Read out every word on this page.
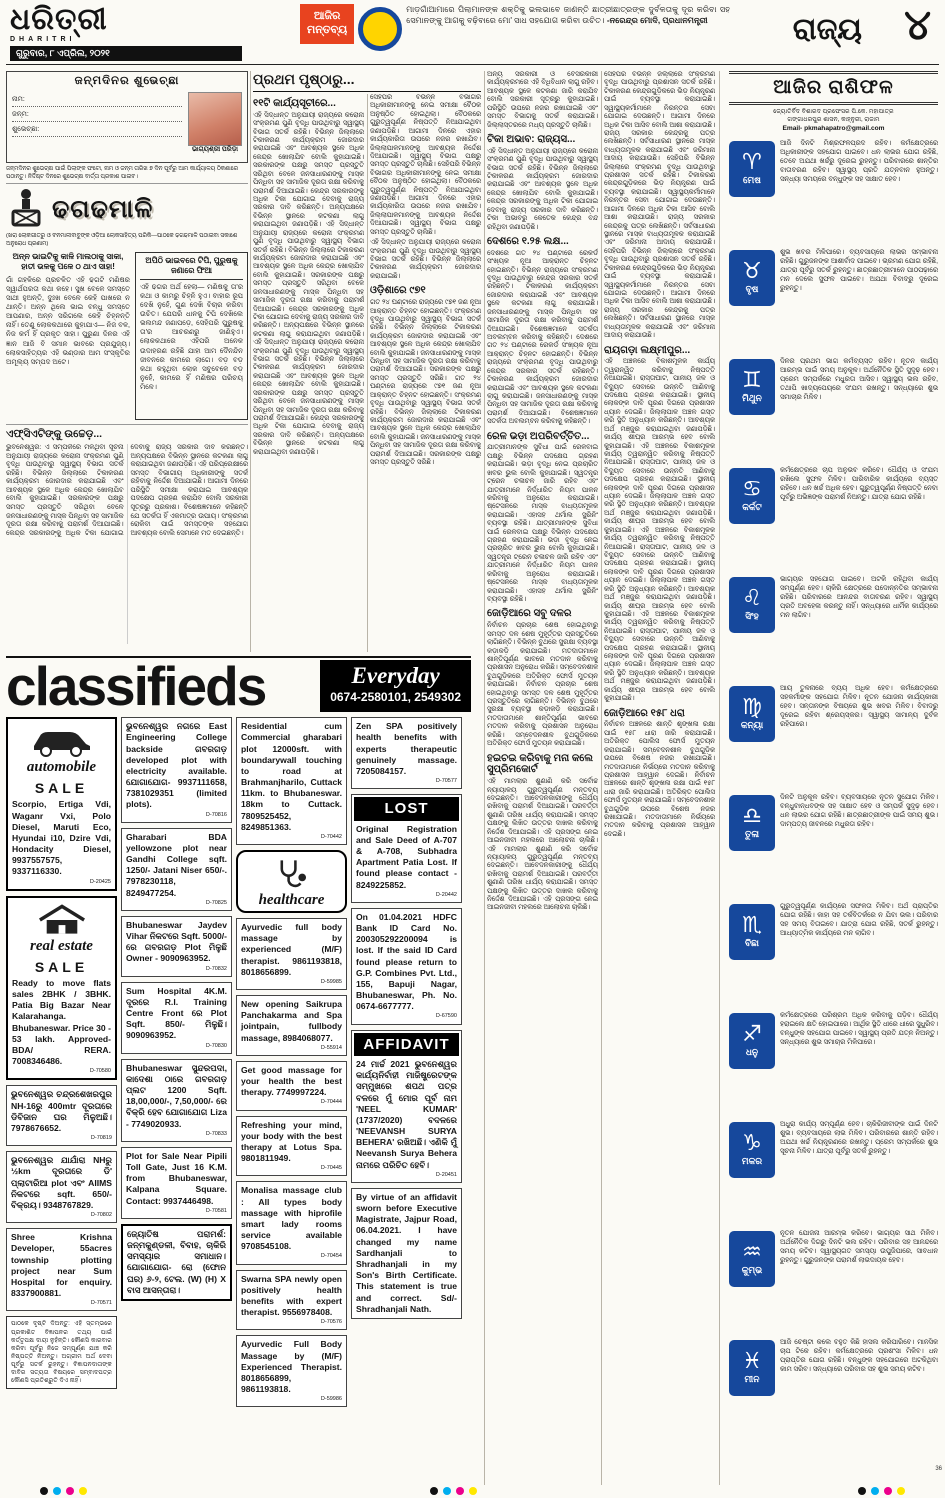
ଧରିତ୍ରୀ
DHARITRI
ଗୁରୁବାର, ୮ ଏପ୍ରିଲ, ୨୦୨୧
ଆଜିର
ମନ୍ତବ୍ୟ
ମାଡ଼ଗାଁଆମାରେ ପିଲାମାନଙ୍କ ଶକ୍ତିକୁ ଭଲଭାବେ ଜାଣନ୍ତି ଛାତ୍ରୀଛାତ୍ରଙ୍କ ଦୁର୍ବଳତାକୁ ଦୂର କରିବା ସହ ସେମାନଙ୍କୁ ଆଗକୁ ବଢ଼ିବାରେ ମୋ' ସାଧ ସହଯୋଗ କରିବା ଉଚିତ। -ନରେନ୍ଦ୍ର ମୋଦି, ପ୍ରଧାନମନ୍ତ୍ରୀ	ରାଜ୍ୟ ୪
ଜନ୍ମଦିନର ଶୁଭେଚ୍ଛା
ନାମ:
ଜନ୍ମ:
ଶୁଭେଚ୍ଛା:
ଭାଗ୍ୟଶ୍ରୀ ପରିଡ଼ା
ଜନ୍ମଦିନର ଶୁଭେଚ୍ଛା ପାଇଁ ପିଲାଙ୍କ ଫଟୋ, ନାମ ଓ ଜନ୍ମ ତାରିଖ ୭ ଦିନ ପୂର୍ବରୁ ଆମ କାର୍ଯ୍ୟାଳୟ ଠିକଣାରେ ପଠାନ୍ତୁ। ନିର୍ଦ୍ଦିଷ୍ଟ ଦିନରେ ଶୁଭେଚ୍ଛା ବାର୍ତ୍ତା ପ୍ରକାଶ ପାଇବ।
ଢଗଢମାଳି
(ଖରା ଲୋକଗୀତରୁ ଓ ବନମାଳୀବାବୁଙ୍କ ଓଡ଼ିଆ ଲୋକସାହିତ୍ୟ ପରିକି—ପାଠକେ ଢଗଢମାଳି ପଠାଇବା ସକାଶେ ଅନୁରୋଧ ପ୍ରଣାମ)
ଅନ୍ନ ଭାଇଟିକୁ କାଳି ମାଲଠାକୁ ସାକା, ହାତୀ ଭଳକୁ ପଳେ ଠ ଥାଏ ସାହା!
ଗାଁ ଗହଳିରେ ପ୍ରଚଳିତ ଏହି ଢଗଟି ମଣିଷର ସ୍ୱାର୍ଥପରତା କଥା କହେ। ସୁଖ ବେଳେ ସମସ୍ତେ ସାଥୀ ହୁଅନ୍ତି, ଦୁଃଖ ବେଳେ କେହି ପାଖରେ ନ ଥାନ୍ତି। ଅନ୍ନ ଥିଲେ ଭାଇ ବନ୍ଧୁ ସମସ୍ତେ ଆପଣାର, ଅନ୍ନ ସରିଗଲେ କେହି ଚିହ୍ନନ୍ତି ନାହିଁ। ତେଣୁ ଲୋକକଥାରେ କୁହାଯାଏ— ନିଜ ବଳ, ନିଜ କର୍ମ ହିଁ ପ୍ରକୃତ ସାହା। ପୁରୁଣା ଦିନର ଏହି ଜ୍ଞାନ ଆଜି ବି ସମାନ ଭାବରେ ପ୍ରଯୁଜ୍ୟ। ଲୋକସାହିତ୍ୟର ଏହି ଭଣ୍ଡାର ଆମ ସଂସ୍କୃତିର ଅମୂଲ୍ୟ ସମ୍ପଦ ଅଟେ।
ଅପିଠି ଭାଇବରେ ଟିପି, ପୁରୁଷକୁ ଜଣାରେ ଫିଆ
ଏହି ଢଗର ଅର୍ଥ ହେଲା— ମଣିଷକୁ ତା'ର କଥା ଓ କାମରୁ ଚିହ୍ନି ହୁଏ। ବାହାର ରୂପ ଦେଖି ନୁହେଁ, ଗୁଣ ଦେଖି ବିଚାର କରିବା ଉଚିତ। ଯେପରି ଧାନକୁ ଟିପି ଦେଖିଲେ ଭଲମନ୍ଦ ଜଣାପଡ଼େ, ସେହିପରି ପୁରୁଷକୁ ତା'ର ଆଚରଣରୁ ଜାଣିହୁଏ। ଲୋକକଥାରେ ଏହିପରି ଅନେକ ଉଦାହରଣ ରହିଛି ଯାହା ଆମ ଦୈନନ୍ଦିନ ଜୀବନରେ କାମରେ ଲାଗେ। ବଡ଼ ବଡ଼ କଥା କହୁଥିବା ଲୋକ ସବୁବେଳେ ବଡ଼ ନୁହେଁ, କାମରେ ହିଁ ମଣିଷର ପରିଚୟ ମିଳେ।
ଏଫ୍‌ସିଏଟିଙ୍କୁ ଉଚ୍ଚେଡ଼...
ଭୁବନେଶ୍ୱର: ଏ ସମ୍ପର୍କରେ ମିଳିଥିବା ସୂଚନା ଅନୁଯାୟୀ ରାଜ୍ୟରେ କରୋନା ସଂକ୍ରମଣ ପୁଣି ବୃଦ୍ଧି ପାଉଥିବାରୁ ସ୍ୱାସ୍ଥ୍ୟ ବିଭାଗ ସତର୍କ ରହିଛି। ବିଭିନ୍ନ ଜିଲ୍ଲାରେ ଟିକାକରଣ କାର୍ଯ୍ୟକ୍ରମ ଜୋରଦାର କରାଯାଇଛି ଏବଂ ଆବଶ୍ୟକ ସ୍ଥଳେ ଅଧିକ କେନ୍ଦ୍ର ଖୋଲାଯିବ ବୋଲି କୁହାଯାଇଛି। ସରକାରଙ୍କ ପକ୍ଷରୁ ସମସ୍ତ ପ୍ରସ୍ତୁତି ସରିଥିବା ବେଳେ ଜନସାଧାରଣଙ୍କୁ ମାସ୍କ ପିନ୍ଧିବା ସହ ସାମାଜିକ ଦୂରତା ରକ୍ଷା କରିବାକୁ ପରାମର୍ଶ ଦିଆଯାଇଛି। କେନ୍ଦ୍ର ସରକାରଙ୍କୁ ଅଧିକ ଟିକା ଯୋଗାଇ ଦେବାକୁ ରାଜ୍ୟ ସରକାର ଦାବି କରିଛନ୍ତି। ଅନ୍ୟପକ୍ଷରେ ବିଭିନ୍ନ ସ୍ଥାନରେ କଟକଣା ଲାଗୁ କରାଯାଇଥିବା ଜଣାପଡ଼ିଛି। ଏହି ପରିପ୍ରେକ୍ଷୀରେ ସମସ୍ତ ବିଭାଗୀୟ ଅଧିକାରୀଙ୍କୁ ସତର୍କ ରହିବାକୁ ନିର୍ଦ୍ଦେଶ ଦିଆଯାଇଛି। ଆଗାମୀ ଦିନରେ ପରିସ୍ଥିତି ସମୀକ୍ଷା କରାଯାଇ ଆବଶ୍ୟକ ପଦକ୍ଷେପ ଗ୍ରହଣ କରାଯିବ ବୋଲି ସରକାରୀ ସୂତ୍ରରୁ ପ୍ରକାଶ। ବିଶେଷଜ୍ଞମାନେ କହିଛନ୍ତି ଯେ ସତର୍କତା ହିଁ ଏକମାତ୍ର ଉପାୟ। ସଂକ୍ରମଣ ରୋକିବା ପାଇଁ ସମସ୍ତଙ୍କ ସହଯୋଗ ଆବଶ୍ୟକ ବୋଲି ସେମାନେ ମତ ଦେଇଛନ୍ତି।
ପ୍ରଥମ ପୃଷ୍ଠାରୁ...
୧୧ଟି କାର୍ଯ୍ୟସୂଚୀରେ...
ଏହି ସିଦ୍ଧାନ୍ତ ଅନୁଯାୟୀ ରାଜ୍ୟରେ କରୋନା ସଂକ୍ରମଣ ପୁଣି ବୃଦ୍ଧି ପାଉଥିବାରୁ ସ୍ୱାସ୍ଥ୍ୟ ବିଭାଗ ସତର୍କ ରହିଛି। ବିଭିନ୍ନ ଜିଲ୍ଲାରେ ଟିକାକରଣ କାର୍ଯ୍ୟକ୍ରମ ଜୋରଦାର କରାଯାଇଛି ଏବଂ ଆବଶ୍ୟକ ସ୍ଥଳେ ଅଧିକ କେନ୍ଦ୍ର ଖୋଲାଯିବ ବୋଲି କୁହାଯାଇଛି। ସରକାରଙ୍କ ପକ୍ଷରୁ ସମସ୍ତ ପ୍ରସ୍ତୁତି ସରିଥିବା ବେଳେ ଜନସାଧାରଣଙ୍କୁ ମାସ୍କ ପିନ୍ଧିବା ସହ ସାମାଜିକ ଦୂରତା ରକ୍ଷା କରିବାକୁ ପରାମର୍ଶ ଦିଆଯାଇଛି। କେନ୍ଦ୍ର ସରକାରଙ୍କୁ ଅଧିକ ଟିକା ଯୋଗାଇ ଦେବାକୁ ରାଜ୍ୟ ସରକାର ଦାବି କରିଛନ୍ତି। ଅନ୍ୟପକ୍ଷରେ ବିଭିନ୍ନ ସ୍ଥାନରେ କଟକଣା ଲାଗୁ କରାଯାଇଥିବା ଜଣାପଡ଼ିଛି। ଏହି ସିଦ୍ଧାନ୍ତ ଅନୁଯାୟୀ ରାଜ୍ୟରେ କରୋନା ସଂକ୍ରମଣ ପୁଣି ବୃଦ୍ଧି ପାଉଥିବାରୁ ସ୍ୱାସ୍ଥ୍ୟ ବିଭାଗ ସତର୍କ ରହିଛି। ବିଭିନ୍ନ ଜିଲ୍ଲାରେ ଟିକାକରଣ କାର୍ଯ୍ୟକ୍ରମ ଜୋରଦାର କରାଯାଇଛି ଏବଂ ଆବଶ୍ୟକ ସ୍ଥଳେ ଅଧିକ କେନ୍ଦ୍ର ଖୋଲାଯିବ ବୋଲି କୁହାଯାଇଛି। ସରକାରଙ୍କ ପକ୍ଷରୁ ସମସ୍ତ ପ୍ରସ୍ତୁତି ସରିଥିବା ବେଳେ ଜନସାଧାରଣଙ୍କୁ ମାସ୍କ ପିନ୍ଧିବା ସହ ସାମାଜିକ ଦୂରତା ରକ୍ଷା କରିବାକୁ ପରାମର୍ଶ ଦିଆଯାଇଛି। କେନ୍ଦ୍ର ସରକାରଙ୍କୁ ଅଧିକ ଟିକା ଯୋଗାଇ ଦେବାକୁ ରାଜ୍ୟ ସରକାର ଦାବି କରିଛନ୍ତି। ଅନ୍ୟପକ୍ଷରେ ବିଭିନ୍ନ ସ୍ଥାନରେ କଟକଣା ଲାଗୁ କରାଯାଇଥିବା ଜଣାପଡ଼ିଛି। ଏହି ସିଦ୍ଧାନ୍ତ ଅନୁଯାୟୀ ରାଜ୍ୟରେ କରୋନା ସଂକ୍ରମଣ ପୁଣି ବୃଦ୍ଧି ପାଉଥିବାରୁ ସ୍ୱାସ୍ଥ୍ୟ ବିଭାଗ ସତର୍କ ରହିଛି। ବିଭିନ୍ନ ଜିଲ୍ଲାରେ ଟିକାକରଣ କାର୍ଯ୍ୟକ୍ରମ ଜୋରଦାର କରାଯାଇଛି ଏବଂ ଆବଶ୍ୟକ ସ୍ଥଳେ ଅଧିକ କେନ୍ଦ୍ର ଖୋଲାଯିବ ବୋଲି କୁହାଯାଇଛି। ସରକାରଙ୍କ ପକ୍ଷରୁ ସମସ୍ତ ପ୍ରସ୍ତୁତି ସରିଥିବା ବେଳେ ଜନସାଧାରଣଙ୍କୁ ମାସ୍କ ପିନ୍ଧିବା ସହ ସାମାଜିକ ଦୂରତା ରକ୍ଷା କରିବାକୁ ପରାମର୍ଶ ଦିଆଯାଇଛି। କେନ୍ଦ୍ର ସରକାରଙ୍କୁ ଅଧିକ ଟିକା ଯୋଗାଇ ଦେବାକୁ ରାଜ୍ୟ ସରକାର ଦାବି କରିଛନ୍ତି। ଅନ୍ୟପକ୍ଷରେ ବିଭିନ୍ନ ସ୍ଥାନରେ କଟକଣା ଲାଗୁ କରାଯାଇଥିବା ଜଣାପଡ଼ିଛି।
ସେହିପରି ବିଭିନ୍ନ ବିଭାଗର ଅଧିକାରୀମାନଙ୍କୁ ନେଇ ସମୀକ୍ଷା ବୈଠକ ଅନୁଷ୍ଠିତ ହୋଇଥିଲା। ବୈଠକରେ ଗୁରୁତ୍ୱପୂର୍ଣ୍ଣ ନିଷ୍ପତ୍ତି ନିଆଯାଇଥିବା ଜଣାପଡ଼ିଛି। ଆଗାମୀ ଦିନରେ ଏହାର କାର୍ଯ୍ୟକାରିତା ଉପରେ ନଜର ରଖାଯିବ। ଜିଲ୍ଲାପାଳମାନଙ୍କୁ ଆବଶ୍ୟକ ନିର୍ଦ୍ଦେଶ ଦିଆଯାଇଛି। ସ୍ୱାସ୍ଥ୍ୟ ବିଭାଗ ପକ୍ଷରୁ ସମସ୍ତ ପ୍ରସ୍ତୁତି ଚାଲିଛି। ସେହିପରି ବିଭିନ୍ନ ବିଭାଗର ଅଧିକାରୀମାନଙ୍କୁ ନେଇ ସମୀକ୍ଷା ବୈଠକ ଅନୁଷ୍ଠିତ ହୋଇଥିଲା। ବୈଠକରେ ଗୁରୁତ୍ୱପୂର୍ଣ୍ଣ ନିଷ୍ପତ୍ତି ନିଆଯାଇଥିବା ଜଣାପଡ଼ିଛି। ଆଗାମୀ ଦିନରେ ଏହାର କାର୍ଯ୍ୟକାରିତା ଉପରେ ନଜର ରଖାଯିବ। ଜିଲ୍ଲାପାଳମାନଙ୍କୁ ଆବଶ୍ୟକ ନିର୍ଦ୍ଦେଶ ଦିଆଯାଇଛି। ସ୍ୱାସ୍ଥ୍ୟ ବିଭାଗ ପକ୍ଷରୁ ସମସ୍ତ ପ୍ରସ୍ତୁତି ଚାଲିଛି।
ଏହି ସିଦ୍ଧାନ୍ତ ଅନୁଯାୟୀ ରାଜ୍ୟରେ କରୋନା ସଂକ୍ରମଣ ପୁଣି ବୃଦ୍ଧି ପାଉଥିବାରୁ ସ୍ୱାସ୍ଥ୍ୟ ବିଭାଗ ସତର୍କ ରହିଛି। ବିଭିନ୍ନ ଜିଲ୍ଲାରେ ଟିକାକରଣ କାର୍ଯ୍ୟକ୍ରମ ଜୋରଦାର କରାଯାଇଛି।
ଓଡ଼ିଶାରେ ୯୭୧
ଗତ ୨୪ ଘଣ୍ଟାରେ ରାଜ୍ୟରେ ୯୭୧ ଜଣ ନୂଆ ଆକ୍ରାନ୍ତ ଚିହ୍ନଟ ହୋଇଛନ୍ତି। ସଂକ୍ରମଣ ବୃଦ୍ଧି ପାଉଥିବାରୁ ସ୍ୱାସ୍ଥ୍ୟ ବିଭାଗ ସତର୍କ ରହିଛି। ବିଭିନ୍ନ ଜିଲ୍ଲାରେ ଟିକାକରଣ କାର୍ଯ୍ୟକ୍ରମ ଜୋରଦାର କରାଯାଇଛି ଏବଂ ଆବଶ୍ୟକ ସ୍ଥଳେ ଅଧିକ କେନ୍ଦ୍ର ଖୋଲାଯିବ ବୋଲି କୁହାଯାଇଛି। ଜନସାଧାରଣଙ୍କୁ ମାସ୍କ ପିନ୍ଧିବା ସହ ସାମାଜିକ ଦୂରତା ରକ୍ଷା କରିବାକୁ ପରାମର୍ଶ ଦିଆଯାଇଛି। ସରକାରଙ୍କ ପକ୍ଷରୁ ସମସ୍ତ ପ୍ରସ୍ତୁତି ସରିଛି। ଗତ ୨୪ ଘଣ୍ଟାରେ ରାଜ୍ୟରେ ୯୭୧ ଜଣ ନୂଆ ଆକ୍ରାନ୍ତ ଚିହ୍ନଟ ହୋଇଛନ୍ତି। ସଂକ୍ରମଣ ବୃଦ୍ଧି ପାଉଥିବାରୁ ସ୍ୱାସ୍ଥ୍ୟ ବିଭାଗ ସତର୍କ ରହିଛି। ବିଭିନ୍ନ ଜିଲ୍ଲାରେ ଟିକାକରଣ କାର୍ଯ୍ୟକ୍ରମ ଜୋରଦାର କରାଯାଇଛି ଏବଂ ଆବଶ୍ୟକ ସ୍ଥଳେ ଅଧିକ କେନ୍ଦ୍ର ଖୋଲାଯିବ ବୋଲି କୁହାଯାଇଛି। ଜନସାଧାରଣଙ୍କୁ ମାସ୍କ ପିନ୍ଧିବା ସହ ସାମାଜିକ ଦୂରତା ରକ୍ଷା କରିବାକୁ ପରାମର୍ଶ ଦିଆଯାଇଛି। ସରକାରଙ୍କ ପକ୍ଷରୁ ସମସ୍ତ ପ୍ରସ୍ତୁତି ସରିଛି।
ଅନ୍ୟ ସରକାରୀ ଓ ବେସରକାରୀ କାର୍ଯ୍ୟକ୍ରମରେ ଏହି ବିଧିବିଧାନ ଲାଗୁ ରହିବ। ଆବଶ୍ୟକ ସ୍ଥଳେ କଟକଣା ଜାରି କରାଯିବ ବୋଲି ସରକାରୀ ସୂତ୍ରରୁ କୁହାଯାଇଛି। ପରିସ୍ଥିତି ଉପରେ ନଜର ରଖାଯାଇଛି ଏବଂ ସମସ୍ତ ବିଭାଗକୁ ସତର୍କ କରାଯାଇଛି। ଜିଲ୍ଲାସ୍ତରରେ ମଧ୍ୟ ପ୍ରସ୍ତୁତି ଚାଲିଛି।
ଟିକା ଅଭାବ: ରାଜ୍ୟସ...
ଏହି ସିଦ୍ଧାନ୍ତ ଅନୁଯାୟୀ ରାଜ୍ୟରେ କରୋନା ସଂକ୍ରମଣ ପୁଣି ବୃଦ୍ଧି ପାଉଥିବାରୁ ସ୍ୱାସ୍ଥ୍ୟ ବିଭାଗ ସତର୍କ ରହିଛି। ବିଭିନ୍ନ ଜିଲ୍ଲାରେ ଟିକାକରଣ କାର୍ଯ୍ୟକ୍ରମ ଜୋରଦାର କରାଯାଇଛି ଏବଂ ଆବଶ୍ୟକ ସ୍ଥଳେ ଅଧିକ କେନ୍ଦ୍ର ଖୋଲାଯିବ ବୋଲି କୁହାଯାଇଛି। କେନ୍ଦ୍ର ସରକାରଙ୍କୁ ଅଧିକ ଟିକା ଯୋଗାଇ ଦେବାକୁ ରାଜ୍ୟ ସରକାର ଦାବି କରିଛନ୍ତି। ଟିକା ଅଭାବରୁ କେତେକ କେନ୍ଦ୍ର ବନ୍ଦ ରହିଥିବା ଜଣାପଡ଼ିଛି।
ଦେଶରେ ୧.୨୫ ଲକ୍ଷ...
ଦେଶରେ ଗତ ୨୪ ଘଣ୍ଟାରେ ରେକର୍ଡ ସଂଖ୍ୟକ ନୂଆ ଆକ୍ରାନ୍ତ ଚିହ୍ନଟ ହୋଇଛନ୍ତି। ବିଭିନ୍ନ ରାଜ୍ୟରେ ସଂକ୍ରମଣ ବୃଦ୍ଧି ପାଉଥିବାରୁ କେନ୍ଦ୍ର ସରକାର ସତର୍କ ରହିଛନ୍ତି। ଟିକାକରଣ କାର୍ଯ୍ୟକ୍ରମ ଜୋରଦାର କରାଯାଇଛି ଏବଂ ଆବଶ୍ୟକ ସ୍ଥଳେ କଟକଣା ଲାଗୁ କରାଯାଇଛି। ଜନସାଧାରଣଙ୍କୁ ମାସ୍କ ପିନ୍ଧିବା ସହ ସାମାଜିକ ଦୂରତା ରକ୍ଷା କରିବାକୁ ପରାମର୍ଶ ଦିଆଯାଇଛି। ବିଶେଷଜ୍ଞମାନେ ସତର୍କତା ଅବଲମ୍ବନ କରିବାକୁ କହିଛନ୍ତି। ଦେଶରେ ଗତ ୨୪ ଘଣ୍ଟାରେ ରେକର୍ଡ ସଂଖ୍ୟକ ନୂଆ ଆକ୍ରାନ୍ତ ଚିହ୍ନଟ ହୋଇଛନ୍ତି। ବିଭିନ୍ନ ରାଜ୍ୟରେ ସଂକ୍ରମଣ ବୃଦ୍ଧି ପାଉଥିବାରୁ କେନ୍ଦ୍ର ସରକାର ସତର୍କ ରହିଛନ୍ତି। ଟିକାକରଣ କାର୍ଯ୍ୟକ୍ରମ ଜୋରଦାର କରାଯାଇଛି ଏବଂ ଆବଶ୍ୟକ ସ୍ଥଳେ କଟକଣା ଲାଗୁ କରାଯାଇଛି। ଜନସାଧାରଣଙ୍କୁ ମାସ୍କ ପିନ୍ଧିବା ସହ ସାମାଜିକ ଦୂରତା ରକ୍ଷା କରିବାକୁ ପରାମର୍ଶ ଦିଆଯାଇଛି। ବିଶେଷଜ୍ଞମାନେ ସତର୍କତା ଅବଲମ୍ବନ କରିବାକୁ କହିଛନ୍ତି।
ରେଳ ଭଡ଼ା ଅପରିବର୍ତ୍ତିତ...
ଯାତ୍ରୀମାନଙ୍କ ସୁବିଧା ପାଇଁ ରେଳବାଇ ପକ୍ଷରୁ ବିଭିନ୍ନ ପଦକ୍ଷେପ ଗ୍ରହଣ କରାଯାଇଛି। ଭଡ଼ା ବୃଦ୍ଧି ନେଇ ପ୍ରଚାରିତ ଖବର ଭୁଲ ବୋଲି କୁହାଯାଇଛି। ସ୍ୱତନ୍ତ୍ର ଟ୍ରେନ ଚଳାଚଳ ଜାରି ରହିବ ଏବଂ ଯାତ୍ରୀମାନେ ନିର୍ଦ୍ଧାରିତ ନିୟମ ପାଳନ କରିବାକୁ ଅନୁରୋଧ କରାଯାଇଛି। ଷ୍ଟେସନରେ ମାସ୍କ ବାଧ୍ୟତାମୂଳକ କରାଯାଇଛି। ଏହାସହ ଥର୍ମାଲ ସ୍କ୍ରିନିଂ ବ୍ୟବସ୍ଥା ରହିଛି। ଯାତ୍ରୀମାନଙ୍କ ସୁବିଧା ପାଇଁ ରେଳବାଇ ପକ୍ଷରୁ ବିଭିନ୍ନ ପଦକ୍ଷେପ ଗ୍ରହଣ କରାଯାଇଛି। ଭଡ଼ା ବୃଦ୍ଧି ନେଇ ପ୍ରଚାରିତ ଖବର ଭୁଲ ବୋଲି କୁହାଯାଇଛି। ସ୍ୱତନ୍ତ୍ର ଟ୍ରେନ ଚଳାଚଳ ଜାରି ରହିବ ଏବଂ ଯାତ୍ରୀମାନେ ନିର୍ଦ୍ଧାରିତ ନିୟମ ପାଳନ କରିବାକୁ ଅନୁରୋଧ କରାଯାଇଛି। ଷ୍ଟେସନରେ ମାସ୍କ ବାଧ୍ୟତାମୂଳକ କରାଯାଇଛି। ଏହାସହ ଥର୍ମାଲ ସ୍କ୍ରିନିଂ ବ୍ୟବସ୍ଥା ରହିଛି।
ଜୋଡ଼ିଆରେ ସବୁ ଦଳର
ନିର୍ବାଚନ ପ୍ରଚାର ଶେଷ ହୋଇଥିବାରୁ ସମସ୍ତ ଦଳ ଶେଷ ମୁହୂର୍ତ୍ତର ପ୍ରସ୍ତୁତିରେ ଲାଗିଛନ୍ତି। ବିଭିନ୍ନ ବୁଥରେ ସୁରକ୍ଷା ବ୍ୟବସ୍ଥା କଡ଼ାକଡ଼ି କରାଯାଇଛି। ମତଦାତାମାନେ ଶାନ୍ତିପୂର୍ଣ୍ଣ ଭାବରେ ମତଦାନ କରିବାକୁ ପ୍ରଶାସନ ଅନୁରୋଧ କରିଛି। ସମ୍ବେଦନଶୀଳ ବୁଥଗୁଡ଼ିକରେ ଅତିରିକ୍ତ ଫୋର୍ସ ମୁତୟନ କରାଯାଇଛି। ନିର୍ବାଚନ ପ୍ରଚାର ଶେଷ ହୋଇଥିବାରୁ ସମସ୍ତ ଦଳ ଶେଷ ମୁହୂର୍ତ୍ତର ପ୍ରସ୍ତୁତିରେ ଲାଗିଛନ୍ତି। ବିଭିନ୍ନ ବୁଥରେ ସୁରକ୍ଷା ବ୍ୟବସ୍ଥା କଡ଼ାକଡ଼ି କରାଯାଇଛି। ମତଦାତାମାନେ ଶାନ୍ତିପୂର୍ଣ୍ଣ ଭାବରେ ମତଦାନ କରିବାକୁ ପ୍ରଶାସନ ଅନୁରୋଧ କରିଛି। ସମ୍ବେଦନଶୀଳ ବୁଥଗୁଡ଼ିକରେ ଅତିରିକ୍ତ ଫୋର୍ସ ମୁତୟନ କରାଯାଇଛି।
ହଇଚଇ କରିବାକୁ ମନା କଲେ ସୁପ୍ରିମକୋର୍ଟ
ଏହି ମାମଲାର ଶୁଣାଣି କରି ସର୍ବୋଚ୍ଚ ନ୍ୟାୟାଳୟ ଗୁରୁତ୍ୱପୂର୍ଣ୍ଣ ମନ୍ତବ୍ୟ ଦେଇଛନ୍ତି। ଆବେଦନକାରୀଙ୍କୁ ଧୈର୍ଯ୍ୟ ରଖିବାକୁ ପରାମର୍ଶ ଦିଆଯାଇଛି। ପରବର୍ତ୍ତୀ ଶୁଣାଣି ତାରିଖ ଧାର୍ଯ୍ୟ କରାଯାଇଛି। ସମସ୍ତ ପକ୍ଷଙ୍କୁ ଲିଖିତ ଉତ୍ତର ଦାଖଲ କରିବାକୁ ନିର୍ଦ୍ଦେଶ ଦିଆଯାଇଛି। ଏହି ପ୍ରସଙ୍ଗ ନେଇ ଆଇନଜୀବୀ ମହଲରେ ଆଲୋଚନା ଚାଲିଛି। ଏହି ମାମଲାର ଶୁଣାଣି କରି ସର୍ବୋଚ୍ଚ ନ୍ୟାୟାଳୟ ଗୁରୁତ୍ୱପୂର୍ଣ୍ଣ ମନ୍ତବ୍ୟ ଦେଇଛନ୍ତି। ଆବେଦନକାରୀଙ୍କୁ ଧୈର୍ଯ୍ୟ ରଖିବାକୁ ପରାମର୍ଶ ଦିଆଯାଇଛି। ପରବର୍ତ୍ତୀ ଶୁଣାଣି ତାରିଖ ଧାର୍ଯ୍ୟ କରାଯାଇଛି। ସମସ୍ତ ପକ୍ଷଙ୍କୁ ଲିଖିତ ଉତ୍ତର ଦାଖଲ କରିବାକୁ ନିର୍ଦ୍ଦେଶ ଦିଆଯାଇଛି। ଏହି ପ୍ରସଙ୍ଗ ନେଇ ଆଇନଜୀବୀ ମହଲରେ ଆଲୋଚନା ଚାଲିଛି।
ସେହିପରି ବିଭିନ୍ନ ଜିଲ୍ଲାରେ ସଂକ୍ରମଣ ବୃଦ୍ଧି ପାଉଥିବାରୁ ପ୍ରଶାସନ ସତର୍କ ରହିଛି। ଟିକାକରଣ କେନ୍ଦ୍ରଗୁଡ଼ିକରେ ଭିଡ଼ ନିୟନ୍ତ୍ରଣ ପାଇଁ ବ୍ୟବସ୍ଥା କରାଯାଇଛି। ସ୍ୱାସ୍ଥ୍ୟକର୍ମୀମାନେ ନିରନ୍ତର ସେବା ଯୋଗାଇ ଦେଉଛନ୍ତି। ଆଗାମୀ ଦିନରେ ଅଧିକ ଟିକା ଆସିବ ବୋଲି ଆଶା କରାଯାଉଛି। ରାଜ୍ୟ ସରକାର କେନ୍ଦ୍ରକୁ ପତ୍ର ଲେଖିଛନ୍ତି। ସର୍ବସାଧାରଣ ସ୍ଥାନରେ ମାସ୍କ ବାଧ୍ୟତାମୂଳକ କରାଯାଇଛି ଏବଂ ଜରିମାନା ଆଦାୟ କରାଯାଉଛି। ସେହିପରି ବିଭିନ୍ନ ଜିଲ୍ଲାରେ ସଂକ୍ରମଣ ବୃଦ୍ଧି ପାଉଥିବାରୁ ପ୍ରଶାସନ ସତର୍କ ରହିଛି। ଟିକାକରଣ କେନ୍ଦ୍ରଗୁଡ଼ିକରେ ଭିଡ଼ ନିୟନ୍ତ୍ରଣ ପାଇଁ ବ୍ୟବସ୍ଥା କରାଯାଇଛି। ସ୍ୱାସ୍ଥ୍ୟକର୍ମୀମାନେ ନିରନ୍ତର ସେବା ଯୋଗାଇ ଦେଉଛନ୍ତି। ଆଗାମୀ ଦିନରେ ଅଧିକ ଟିକା ଆସିବ ବୋଲି ଆଶା କରାଯାଉଛି। ରାଜ୍ୟ ସରକାର କେନ୍ଦ୍ରକୁ ପତ୍ର ଲେଖିଛନ୍ତି। ସର୍ବସାଧାରଣ ସ୍ଥାନରେ ମାସ୍କ ବାଧ୍ୟତାମୂଳକ କରାଯାଇଛି ଏବଂ ଜରିମାନା ଆଦାୟ କରାଯାଉଛି। ସେହିପରି ବିଭିନ୍ନ ଜିଲ୍ଲାରେ ସଂକ୍ରମଣ ବୃଦ୍ଧି ପାଉଥିବାରୁ ପ୍ରଶାସନ ସତର୍କ ରହିଛି। ଟିକାକରଣ କେନ୍ଦ୍ରଗୁଡ଼ିକରେ ଭିଡ଼ ନିୟନ୍ତ୍ରଣ ପାଇଁ ବ୍ୟବସ୍ଥା କରାଯାଇଛି। ସ୍ୱାସ୍ଥ୍ୟକର୍ମୀମାନେ ନିରନ୍ତର ସେବା ଯୋଗାଇ ଦେଉଛନ୍ତି। ଆଗାମୀ ଦିନରେ ଅଧିକ ଟିକା ଆସିବ ବୋଲି ଆଶା କରାଯାଉଛି। ରାଜ୍ୟ ସରକାର କେନ୍ଦ୍ରକୁ ପତ୍ର ଲେଖିଛନ୍ତି। ସର୍ବସାଧାରଣ ସ୍ଥାନରେ ମାସ୍କ ବାଧ୍ୟତାମୂଳକ କରାଯାଇଛି ଏବଂ ଜରିମାନା ଆଦାୟ କରାଯାଉଛି।
ରାୟଗଡ଼ା ଲକ୍ଷ୍ମୀପୁର...
ଏହି ଅଞ୍ଚଳରେ ବିକାଶମୂଳକ କାର୍ଯ୍ୟ ତ୍ୱରାନ୍ୱିତ କରିବାକୁ ନିଷ୍ପତ୍ତି ନିଆଯାଇଛି। ରାସ୍ତାଘାଟ, ପାନୀୟ ଜଳ ଓ ବିଦ୍ୟୁତ ସେବାରେ ଉନ୍ନତି ଆଣିବାକୁ ପଦକ୍ଷେପ ଗ୍ରହଣ କରାଯାଇଛି। ସ୍ଥାନୀୟ ଲୋକଙ୍କ ଦାବି ପୂରଣ ଦିଗରେ ପ୍ରଶାସନ ଧ୍ୟାନ ଦେଇଛି। ଜିଲ୍ଲାପାଳ ଅଞ୍ଚଳ ଗସ୍ତ କରି ସ୍ଥିତି ଅନୁଧ୍ୟାନ କରିଛନ୍ତି। ଆବଶ୍ୟକ ଅର୍ଥ ମଞ୍ଜୁର କରାଯାଇଥିବା ଜଣାପଡ଼ିଛି। କାର୍ଯ୍ୟ ଶୀଘ୍ର ଆରମ୍ଭ ହେବ ବୋଲି କୁହାଯାଇଛି। ଏହି ଅଞ୍ଚଳରେ ବିକାଶମୂଳକ କାର୍ଯ୍ୟ ତ୍ୱରାନ୍ୱିତ କରିବାକୁ ନିଷ୍ପତ୍ତି ନିଆଯାଇଛି। ରାସ୍ତାଘାଟ, ପାନୀୟ ଜଳ ଓ ବିଦ୍ୟୁତ ସେବାରେ ଉନ୍ନତି ଆଣିବାକୁ ପଦକ୍ଷେପ ଗ୍ରହଣ କରାଯାଇଛି। ସ୍ଥାନୀୟ ଲୋକଙ୍କ ଦାବି ପୂରଣ ଦିଗରେ ପ୍ରଶାସନ ଧ୍ୟାନ ଦେଇଛି। ଜିଲ୍ଲାପାଳ ଅଞ୍ଚଳ ଗସ୍ତ କରି ସ୍ଥିତି ଅନୁଧ୍ୟାନ କରିଛନ୍ତି। ଆବଶ୍ୟକ ଅର୍ଥ ମଞ୍ଜୁର କରାଯାଇଥିବା ଜଣାପଡ଼ିଛି। କାର୍ଯ୍ୟ ଶୀଘ୍ର ଆରମ୍ଭ ହେବ ବୋଲି କୁହାଯାଇଛି। ଏହି ଅଞ୍ଚଳରେ ବିକାଶମୂଳକ କାର୍ଯ୍ୟ ତ୍ୱରାନ୍ୱିତ କରିବାକୁ ନିଷ୍ପତ୍ତି ନିଆଯାଇଛି। ରାସ୍ତାଘାଟ, ପାନୀୟ ଜଳ ଓ ବିଦ୍ୟୁତ ସେବାରେ ଉନ୍ନତି ଆଣିବାକୁ ପଦକ୍ଷେପ ଗ୍ରହଣ କରାଯାଇଛି। ସ୍ଥାନୀୟ ଲୋକଙ୍କ ଦାବି ପୂରଣ ଦିଗରେ ପ୍ରଶାସନ ଧ୍ୟାନ ଦେଇଛି। ଜିଲ୍ଲାପାଳ ଅଞ୍ଚଳ ଗସ୍ତ କରି ସ୍ଥିତି ଅନୁଧ୍ୟାନ କରିଛନ୍ତି। ଆବଶ୍ୟକ ଅର୍ଥ ମଞ୍ଜୁର କରାଯାଇଥିବା ଜଣାପଡ଼ିଛି। କାର୍ଯ୍ୟ ଶୀଘ୍ର ଆରମ୍ଭ ହେବ ବୋଲି କୁହାଯାଇଛି। ଏହି ଅଞ୍ଚଳରେ ବିକାଶମୂଳକ କାର୍ଯ୍ୟ ତ୍ୱରାନ୍ୱିତ କରିବାକୁ ନିଷ୍ପତ୍ତି ନିଆଯାଇଛି। ରାସ୍ତାଘାଟ, ପାନୀୟ ଜଳ ଓ ବିଦ୍ୟୁତ ସେବାରେ ଉନ୍ନତି ଆଣିବାକୁ ପଦକ୍ଷେପ ଗ୍ରହଣ କରାଯାଇଛି। ସ୍ଥାନୀୟ ଲୋକଙ୍କ ଦାବି ପୂରଣ ଦିଗରେ ପ୍ରଶାସନ ଧ୍ୟାନ ଦେଇଛି। ଜିଲ୍ଲାପାଳ ଅଞ୍ଚଳ ଗସ୍ତ କରି ସ୍ଥିତି ଅନୁଧ୍ୟାନ କରିଛନ୍ତି। ଆବଶ୍ୟକ ଅର୍ଥ ମଞ୍ଜୁର କରାଯାଇଥିବା ଜଣାପଡ଼ିଛି। କାର୍ଯ୍ୟ ଶୀଘ୍ର ଆରମ୍ଭ ହେବ ବୋଲି କୁହାଯାଇଛି।
ଜୋଡ଼ିଆରେ ୧୫୮ ଧରା
ନିର୍ବାଚନ ଅଞ୍ଚଳରେ ଶାନ୍ତି ଶୃଙ୍ଖଳା ରକ୍ଷା ପାଇଁ ୧୫୮ ଧାରା ଜାରି କରାଯାଇଛି। ଅତିରିକ୍ତ ପୋଲିସ ଫୋର୍ସ ମୁତୟନ କରାଯାଇଛି। ସମ୍ବେଦନଶୀଳ ବୁଥଗୁଡ଼ିକ ଉପରେ ବିଶେଷ ନଜର ରଖାଯାଇଛି। ମତଦାତାମାନେ ନିର୍ଭୟରେ ମତଦାନ କରିବାକୁ ପ୍ରଶାସନ ଆହ୍ୱାନ ଦେଇଛି। ନିର୍ବାଚନ ଅଞ୍ଚଳରେ ଶାନ୍ତି ଶୃଙ୍ଖଳା ରକ୍ଷା ପାଇଁ ୧୫୮ ଧାରା ଜାରି କରାଯାଇଛି। ଅତିରିକ୍ତ ପୋଲିସ ଫୋର୍ସ ମୁତୟନ କରାଯାଇଛି। ସମ୍ବେଦନଶୀଳ ବୁଥଗୁଡ଼ିକ ଉପରେ ବିଶେଷ ନଜର ରଖାଯାଇଛି। ମତଦାତାମାନେ ନିର୍ଭୟରେ ମତଦାନ କରିବାକୁ ପ୍ରଶାସନ ଆହ୍ୱାନ ଦେଇଛି।
classifieds	Everyday
0674-2580101, 2549302
automobile
SALE
Scorpio, Ertiga Vdi, Waganr Vxi, Polo Diesel, Maruti Eco, Hyundai i10, Dzire Vdi, Hondacity Diesel, 9937557575, 9337116330.
D-20425
real estate
SALE
Ready to move flats sales 2BHK / 3BHK. Patia Big Bazar Near Kalarahanga. Bhubaneswar. Price 30 - 53 lakh. Approved- BDA/ RERA. 7008346486.
D-70580
ଭୁବନେଶ୍ୱର ଚନ୍ଦ୍ରଶେଖରପୁର NH-16ରୁ 400mtr ଦୂରତାରେ ଡିବିଜାନ ଘର ମିଳୁଅଛି। 7978676652.
D-70819
ଭୁବନେଶ୍ୱର ଯାଯାଁରା NHରୁ ½km ଦୂରତାରେ ଡି' ପ୍ଲାଟାରିଆ plot ଏବଂ AIIMS ନିକଟରେ sqft. 650/- ବିକ୍ରୟ। 9348767829.
D-70802
Shree Krishna Developer, 55acres township plotting project near Sum Hospital for enquiry. 8337900881.
D-70571
ପାଠକେ ଦୃଷ୍ଟି ଦିଅନ୍ତୁ: ଏହି ସ୍ତମ୍ଭରେ ପ୍ରକାଶିତ ବିଜ୍ଞାପନର ତଥ୍ୟ ପାଇଁ କର୍ତ୍ତୃପକ୍ଷ ଦାୟୀ ନୁହଁନ୍ତି। କୌଣସି କାରବାର କରିବା ପୂର୍ବରୁ ନିଜେ ସମ୍ପୂର୍ଣ୍ଣ ଯାଞ୍ଚ କରି ନିଷ୍ପତ୍ତି ନିଅନ୍ତୁ। ଅଗ୍ରୀମ ଅର୍ଥ ଦେବା ପୂର୍ବରୁ ସତର୍କ ରୁହନ୍ତୁ। ବିଜ୍ଞାପନଦାତାଙ୍କ ଦାବିର ସତ୍ୟତା ବିଷୟରେ ସମ୍ବାଦପତ୍ର କୌଣସି ପ୍ରତିଶ୍ରୁତି ଦିଏ ନାହିଁ।
ଭୁବନେଶ୍ୱର ନଗରେ East Engineering College backside ଗବରଗଡ଼ developed plot with electricity available. ଯୋଗାଯୋଗ- 9937111658, 7381029351 (limited plots).
D-70816
Gharabari BDA yellowzone plot near Gandhi College sqft. 1250/- Jatani Niser 650/-. 7978230118, 8249477254.
D-70825
Bhubaneswar Jaydev Vihar ନିକଟରେ Sqft. 5000/- ରେ ଗବରଗଡ଼ Plot ମିଳୁଛି Owner - 9090963952.
D-70832
Sum Hospital 4K.M. ଦୂରରେ R.I. Training Centre Front ରେ Plot Sqft. 850/- ମିଳୁଛି। 9090963952.
D-70830
Bhubaneswar ସୁନ୍ଦରପଦା, କାଦେଶା ଠାରେ ଗବରଗଡ଼ ପ୍ଲଟ 1200 Sqft. 18,00,000/-, 7,50,000/- ରେ ବିକ୍ରି ହେବ ଯୋଗାଯୋଗ Liza - 7749020933.
D-70833
Plot for Sale Near Pipili Toll Gate, Just 16 K.M. from Bhubaneswar, Kalpana Square. Contact: 9937446498.
D-70581
ଜ୍ୟୋତିଷ ପରାମର୍ଶ: ଜନ୍ମକୁଣ୍ଡଳୀ, ବିବାହ, ଚାକିରି ସମସ୍ୟାର ସମାଧାନ। ଯୋଗାଯୋଗ- ରୋ (ଫୋନ ଘର) ୬-୨, ଟେଲ. (W) (H) X ବାସ ଆସନ୍ତାରା।
Residential cum Commercial gharabari plot 12000sft. with boundarywall touching to road at Brahmanjharilo, Cuttack 11km. to Bhubaneswar. 18km to Cuttack. 7809525452, 8249851363.
D-70442
healthcare
Ayurvedic full body massage by experienced (M/F) therapist. 9861193818, 8018656899.
D-59985
New opening Saikrupa Panchakarma and Spa jointpain, fullbody massage, 8984068077.
D-55914
Get good massage for your health the best therapy. 7749997224.
D-70444
Refreshing your mind, your body with the best therapy at Lotus Spa. 9801811949.
D-70445
Monalisa massage club : All types body massage with hiprofile smart lady rooms service available 9708545108.
D-70454
Swarna SPA newly open positively health benefits with expert therapist. 9556978408.
D-70576
Ayurvedic Full Body Massage by (M/F) Experienced Therapist. 8018656899, 9861193818.
D-59986
Zen SPA positively health benefits with experts therapeutic genuinely massage. 7205084157.
D-70577
LOST
Original Registration and Sale Deed of A-707 & A-708, Subhadra Apartment Patia Lost. If found please contact - 8249225852.
D-20442
On 01.04.2021 HDFC Bank ID Card No. 200305292200094 is lost. If the said ID Card found please return to G.P. Combines Pvt. Ltd., 155, Bapuji Nagar, Bhubaneswar, Ph. No. 0674-6677777.
D-67590
AFFIDAVIT
24 ମାର୍ଚ୍ଚ 2021 ଭୁବନେଶ୍ୱର କାର୍ଯ୍ୟନିର୍ବାହୀ ମାଜିଷ୍ଟ୍ରେଟଙ୍କ ସମ୍ମୁଖରେ ଶପଥ ପତ୍ର ବଳରେ ମୁଁ ମୋର ପୂର୍ବ ନାମ 'NEEL KUMAR' (1737/2020) ବଦଳରେ 'NEEVANSH SURYA BEHERA' ରଖିଅଛି। ଏଣିକି ମୁଁ Neevansh Surya Behera ନାମରେ ପରିଚିତ ହେବି।
D-20451
By virtue of an affidavit sworn before Executive Magistrate, Jajpur Road, 06.04.2021. I have changed my name Sardhanjali to Shradhanjali in my Son's Birth Certificate. This statement is true and correct. Sd/- Shradhanjali Nath.
ଆଜିର ରାଶିଫଳ
ଜ୍ୟୋତିର୍ବିଦ ବିଶାରଦ ପ୍ରଫେସର ପି.କେ. ମହାପାତ୍ର
ଗଙ୍ଗାଧରପୁର ଶାସନ, କାହ୍ନୁରୀ, ରାଜାମ
Email- pkmahapatro@gmail.com
♈
ମେଷ
ଆଜି ଦିନଟି ମିଶ୍ରଫଳପ୍ରଦ ରହିବ। କର୍ମକ୍ଷେତ୍ରରେ ଅଧିକାରୀଙ୍କ ସହଯୋଗ ପାଇବେ। ଧନ ଲାଭର ଯୋଗ ରହିଛି, ତେବେ ଅଯଥା ଖର୍ଚ୍ଚରୁ ଦୂରେଇ ରୁହନ୍ତୁ। ପରିବାରରେ ଶାନ୍ତିର ବାତାବରଣ ରହିବ। ସ୍ୱାସ୍ଥ୍ୟ ପ୍ରତି ଯତ୍ନବାନ ହୁଅନ୍ତୁ। ସନ୍ଧ୍ୟା ସମୟରେ ବନ୍ଧୁଙ୍କ ସହ ସାକ୍ଷାତ ହେବ।
♉
ବୃଷ
ଶୁଭ ଖବର ମିଳିପାରେ। ବ୍ୟବସାୟରେ ଲାଭର ସମ୍ଭାବନା ରହିଛି। ଗୁରୁଜନଙ୍କ ଆଶୀର୍ବାଦ ପାଇବେ। ଭ୍ରମଣ ଯୋଗ ରହିଛି, ଯାତ୍ରା ପୂର୍ବରୁ ସତର୍କ ରୁହନ୍ତୁ। ଛାତ୍ରଛାତ୍ରୀମାନେ ପାଠପଢ଼ାରେ ମନ ଦେଲେ ସୁଫଳ ପାଇବେ। ଅଯଥା ବିବାଦରୁ ଦୂରେଇ ରୁହନ୍ତୁ।
♊
ମିଥୁନ
ଦିନର ପ୍ରଥମ ଭାଗ କର୍ମବ୍ୟସ୍ତ ରହିବ। ନୂତନ କାର୍ଯ୍ୟ ଆରମ୍ଭ ପାଇଁ ସମୟ ଅନୁକୂଳ। ଅର୍ଥନୈତିକ ସ୍ଥିତି ସୁଦୃଢ଼ ହେବ। ପ୍ରେମ ସମ୍ପର୍କରେ ମଧୁରତା ଆସିବ। ସ୍ୱାସ୍ଥ୍ୟ ଭଲ ରହିବ, ତଥାପି ଖାଦ୍ୟପେୟରେ ସଂଯମ ରଖନ୍ତୁ। ସନ୍ଧ୍ୟାରେ ଶୁଭ ସମାଚାର ମିଳିବ।
♋
କର୍କଟ
କର୍ମକ୍ଷେତ୍ରରେ ଚାପ ଅନୁଭବ କରିବେ। ଧୈର୍ଯ୍ୟ ଓ ସଂଯମ ରଖିଲେ ସୁଫଳ ମିଳିବ। ପାରିବାରିକ କାର୍ଯ୍ୟରେ ବ୍ୟସ୍ତ ରହିବେ। ଧନ ଖର୍ଚ୍ଚ ଅଧିକ ହେବ। ଗୁରୁତ୍ୱପୂର୍ଣ୍ଣ ନିଷ୍ପତ୍ତି ନେବା ପୂର୍ବରୁ ଅଭିଜ୍ଞଙ୍କ ପରାମର୍ଶ ନିଅନ୍ତୁ। ଯାତ୍ରା ଯୋଗ ରହିଛି।
♌
ସିଂହ
ଭାଗ୍ୟର ସହଯୋଗ ପାଇବେ। ଅଟକି ରହିଥିବା କାର୍ଯ୍ୟ ସମ୍ପୂର୍ଣ୍ଣ ହେବ। ଚାକିରି କ୍ଷେତ୍ରରେ ପଦୋନ୍ନତିର ସମ୍ଭାବନା ରହିଛି। ପରିବାରରେ ଆନନ୍ଦର ବାତାବରଣ ରହିବ। ସ୍ୱାସ୍ଥ୍ୟ ପ୍ରତି ଅବହେଳା କରନ୍ତୁ ନାହିଁ। ସନ୍ଧ୍ୟାରେ ଧାର୍ମିକ କାର୍ଯ୍ୟରେ ମନ ଲାଗିବ।
♍
କନ୍ୟା
ଆୟ ତୁଳନାରେ ବ୍ୟୟ ଅଧିକ ହେବ। କର୍ମକ୍ଷେତ୍ରରେ ସହକର୍ମୀଙ୍କ ସହଯୋଗ ମିଳିବ। ନୂତନ ଯୋଜନା କାର୍ଯ୍ୟକାରୀ ହେବ। ସନ୍ତାନଙ୍କ ବିଷୟରେ ଶୁଭ ଖବର ମିଳିବ। ବିବାଦରୁ ଦୂରେଇ ରହିବା ଶ୍ରେୟସ୍କର। ସ୍ୱାସ୍ଥ୍ୟ ସାମାନ୍ୟ ଦୁର୍ବଳ ରହିପାରେ।
♎
ତୁଳା
ଦିନଟି ଅନୁକୂଳ ରହିବ। ବ୍ୟବସାୟରେ ନୂତନ ସୁଯୋଗ ମିଳିବ। ବନ୍ଧୁବାନ୍ଧବଙ୍କ ସହ ସାକ୍ଷାତ ହେବ ଓ ସମ୍ପର୍କ ସୁଦୃଢ଼ ହେବ। ଧନ ଲାଭର ଯୋଗ ରହିଛି। ଛାତ୍ରଛାତ୍ରୀଙ୍କ ପାଇଁ ସମୟ ଶୁଭ। ଦାମ୍ପତ୍ୟ ଜୀବନରେ ମଧୁରତା ରହିବ।
♏
ବିଛା
ଗୁରୁତ୍ୱପୂର୍ଣ୍ଣ କାର୍ଯ୍ୟରେ ସଫଳତା ମିଳିବ। ଅର୍ଥ ପ୍ରାପ୍ତିର ଯୋଗ ରହିଛି। କାହା ସହ ତର୍କବିତର୍କରେ ନ ଯିବା ଭଲ। ପରିବାର ସହ ସମୟ ବିତାଇବେ। ଯାତ୍ରା ଯୋଗ ରହିଛି, ସତର୍କ ରୁହନ୍ତୁ। ଆଧ୍ୟାତ୍ମିକ କାର୍ଯ୍ୟରେ ମନ ଲାଗିବ।
♐
ଧନୁ
କର୍ମକ୍ଷେତ୍ରରେ ପରିଶ୍ରମ ଅଧିକ କରିବାକୁ ପଡ଼ିବ। ଧୈର୍ଯ୍ୟ ହରାଇଲେ କ୍ଷତି ହୋଇପାରେ। ଆର୍ଥିକ ସ୍ଥିତି ଧୀରେ ଧୀରେ ସୁଧୁରିବ। ବନ୍ଧୁଙ୍କ ସହଯୋଗ ପାଇବେ। ସ୍ୱାସ୍ଥ୍ୟ ପ୍ରତି ଯତ୍ନ ନିଅନ୍ତୁ। ସନ୍ଧ୍ୟାରେ ଶୁଭ ସମାଚାର ମିଳିପାରେ।
♑
ମକର
ଅଧୁରା କାର୍ଯ୍ୟ ସମ୍ପୂର୍ଣ୍ଣ ହେବ। ଚାକିରିଜୀବୀଙ୍କ ପାଇଁ ଦିନଟି ଶୁଭ। ବ୍ୟବସାୟରେ ଲାଭ ମିଳିବ। ପରିବାରରେ ଶାନ୍ତି ରହିବ। ଅଯଥା ଖର୍ଚ୍ଚ ନିୟନ୍ତ୍ରଣରେ ରଖନ୍ତୁ। ପ୍ରେମ ସମ୍ପର୍କରେ ଶୁଭ ସୂଚନା ମିଳିବ। ଯାତ୍ରା ପୂର୍ବରୁ ସତର୍କ ରୁହନ୍ତୁ।
♒
କୁମ୍ଭ
ନୂତନ ଯୋଜନା ଆରମ୍ଭ କରିବେ। ଭାଗ୍ୟର ସାଥ ମିଳିବ। ଅର୍ଥନୈତିକ ଦିଗରୁ ଦିନଟି ଭଲ ରହିବ। ପରିବାର ସହ ଆନନ୍ଦରେ ସମୟ କଟିବ। ସ୍ୱାସ୍ଥ୍ୟଗତ ସମସ୍ୟା ଉପୁଜିପାରେ, ସାବଧାନ ରୁହନ୍ତୁ। ଗୁରୁଜନଙ୍କ ପରାମର୍ଶ ଲାଭଦାୟକ ହେବ।
♓
ମୀନ
ଆଜି ଚେଷ୍ଟା କଲେ ବହୁତ କିଛି ହାସଲ କରିପାରିବେ। ମାନସିକ ଚାପ ଟିକେ ରହିବ। କର୍ମକ୍ଷେତ୍ରରେ ପ୍ରଶଂସା ମିଳିବ। ଧନ ପ୍ରାପ୍ତିର ଯୋଗ ରହିଛି। ବନ୍ଧୁଙ୍କ ସହଯୋଗରେ ଅଟକିଥିବା କାମ ସରିବ। ସନ୍ଧ୍ୟାରେ ପରିବାର ସହ ଶୁଭ ସମୟ କଟିବ।
36
